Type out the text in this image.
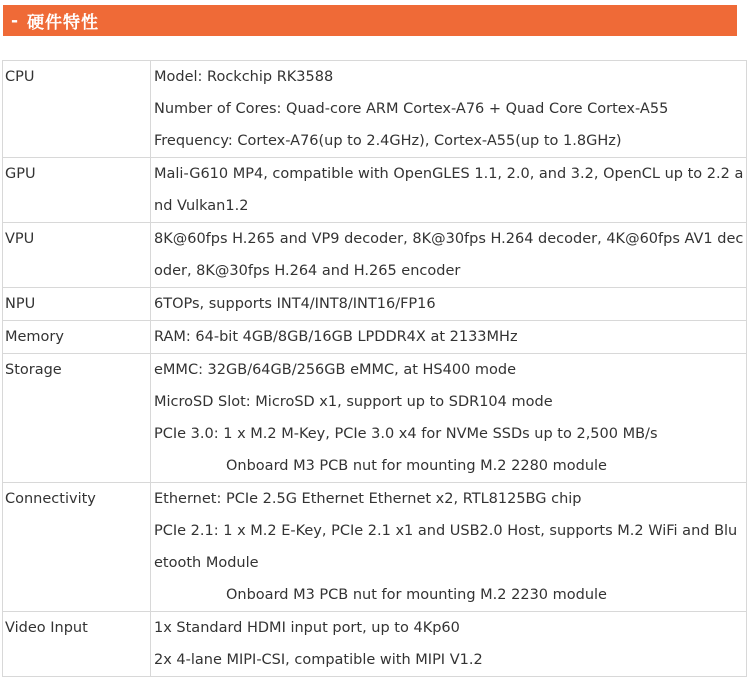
- 硬件特性
CPU	Model: Rockchip RK3588
Number of Cores: Quad-core ARM Cortex-A76 + Quad Core Cortex-A55
Frequency: Cortex-A76(up to 2.4GHz), Cortex-A55(up to 1.8GHz)

GPU	Mali-G610 MP4, compatible with OpenGLES 1.1, 2.0, and 3.2, OpenCL up to 2.2 and Vulkan1.2

VPU	8K@60fps H.265 and VP9 decoder, 8K@30fps H.264 decoder, 4K@60fps AV1 decoder, 8K@30fps H.264 and H.265 encoder

NPU	6TOPs, supports INT4/INT8/INT16/FP16

Memory	RAM: 64-bit 4GB/8GB/16GB LPDDR4X at 2133MHz

Storage	eMMC: 32GB/64GB/256GB eMMC, at HS400 mode
MicroSD Slot: MicroSD x1, support up to SDR104 mode
PCIe 3.0: 1 x M.2 M-Key, PCIe 3.0 x4 for NVMe SSDs up to 2,500 MB/s
Onboard M3 PCB nut for mounting M.2 2280 module

Connectivity	Ethernet: PCIe 2.5G Ethernet Ethernet x2, RTL8125BG chip
PCIe 2.1: 1 x M.2 E-Key, PCIe 2.1 x1 and USB2.0 Host, supports M.2 WiFi and Bluetooth Module
Onboard M3 PCB nut for mounting M.2 2230 module

Video Input	1x Standard HDMI input port, up to 4Kp60
2x 4-lane MIPI-CSI, compatible with MIPI V1.2
